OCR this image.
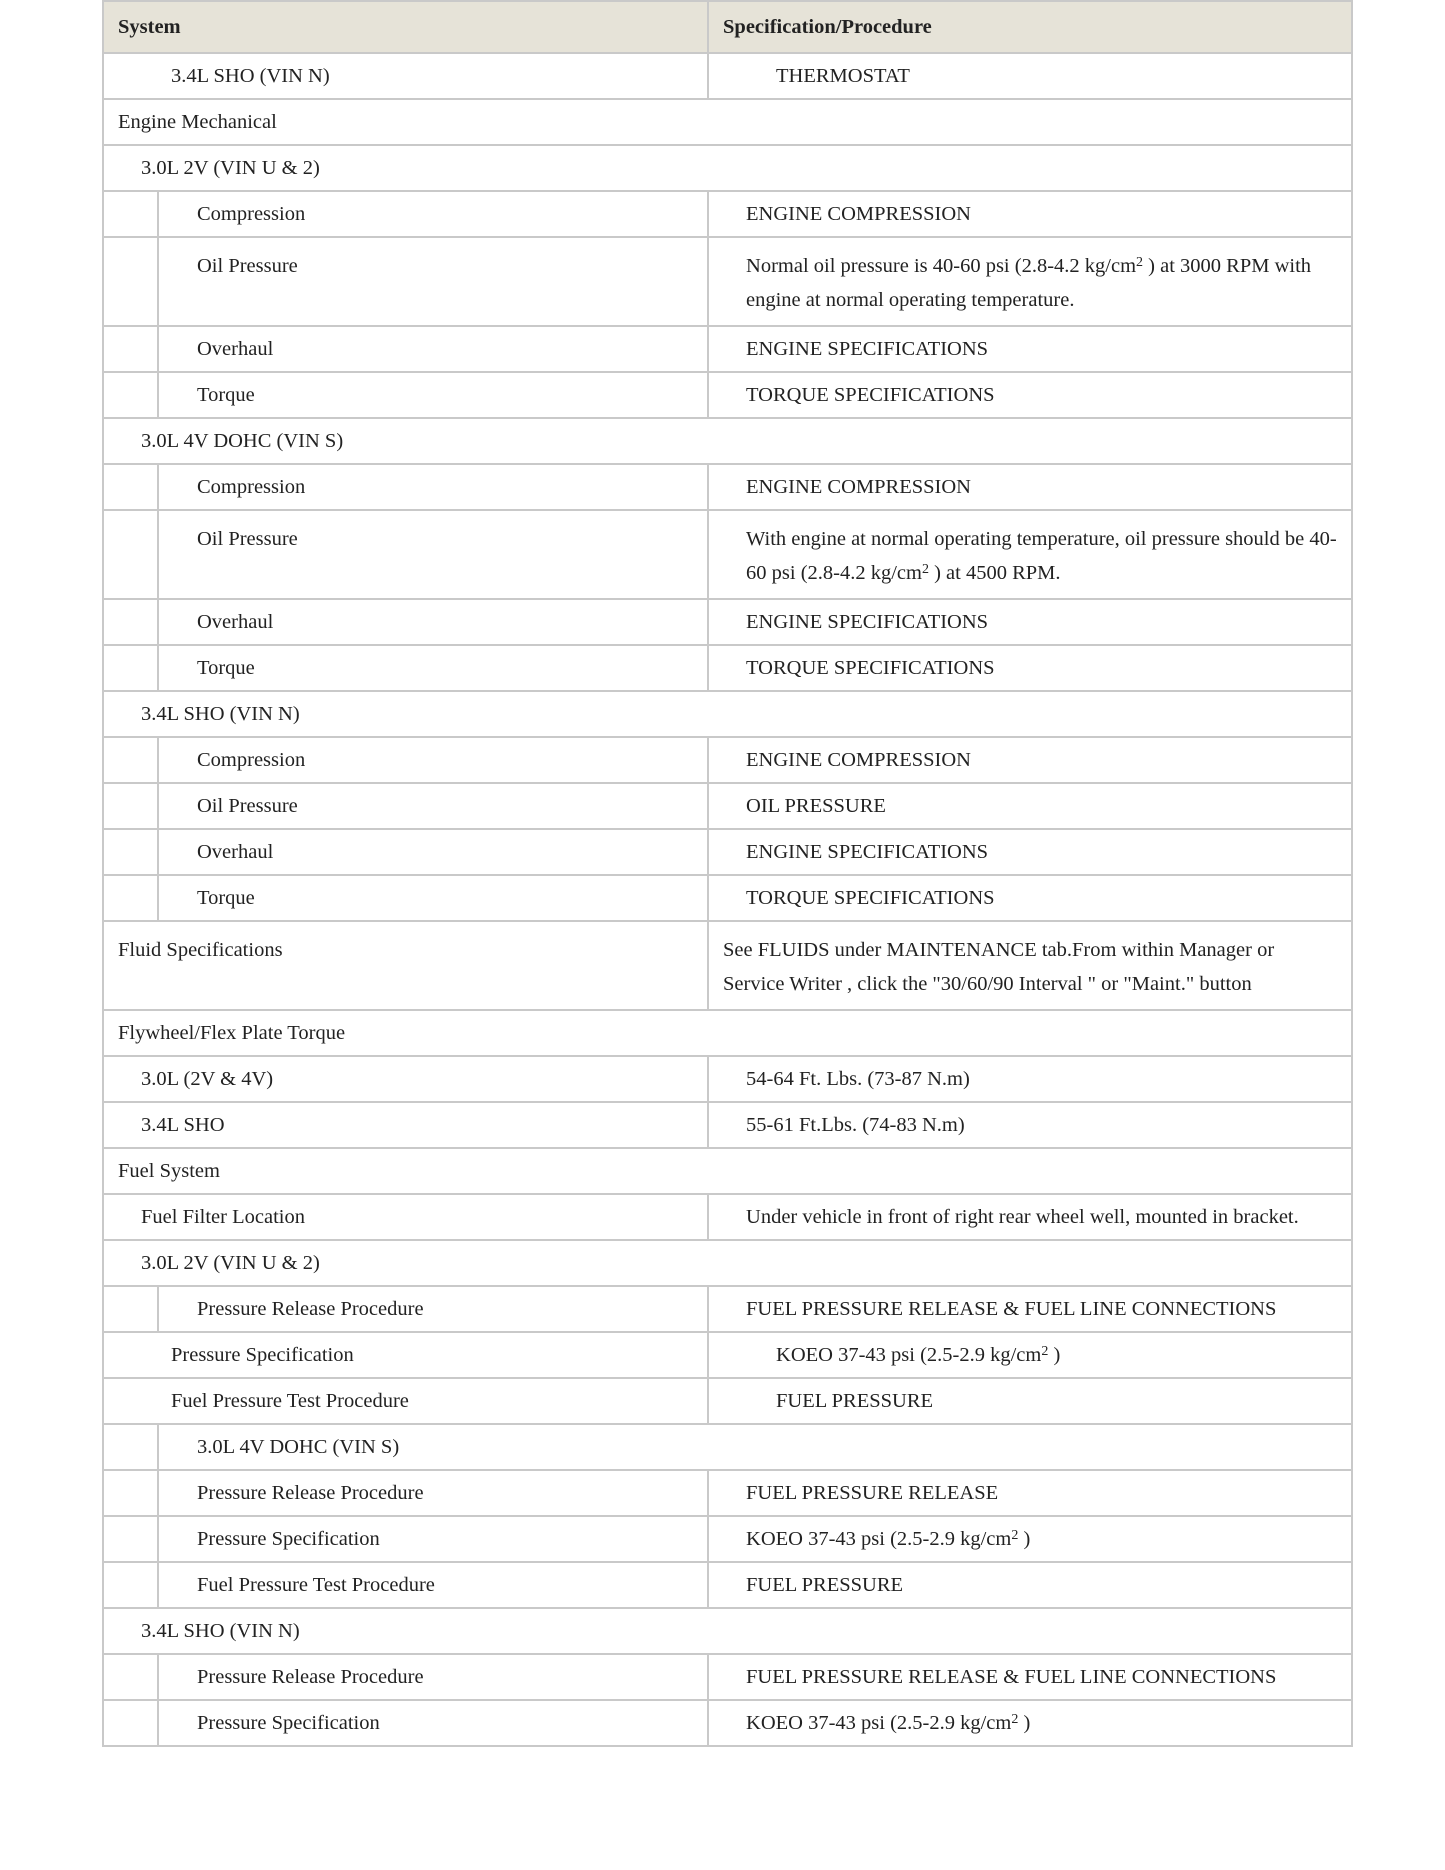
System		Specification/Procedure
3.4L SHO (VIN N)		THERMOSTAT
Engine Mechanical		
3.0L 2V (VIN U & 2)		
	Compression	ENGINE COMPRESSION
	Oil Pressure	Normal oil pressure is 40-60 psi (2.8-4.2 $kg/cm^2$ ) at 3000 RPM with engine at normal operating temperature.
	Overhaul	ENGINE SPECIFICATIONS
	Torque	TORQUE SPECIFICATIONS
3.0L 4V DOHC (VIN S)		
	Compression	ENGINE COMPRESSION
	Oil Pressure	With engine at normal operating temperature, oil pressure should be 40-60 psi (2.8-4.2 $kg/cm^2$ ) at 4500 RPM.
	Overhaul	ENGINE SPECIFICATIONS
	Torque	TORQUE SPECIFICATIONS
3.4L SHO (VIN N)		
	Compression	ENGINE COMPRESSION
	Oil Pressure	OIL PRESSURE
	Overhaul	ENGINE SPECIFICATIONS
	Torque	TORQUE SPECIFICATIONS
Fluid Specifications		See FLUIDS under MAINTENANCE tab.From within Manager or Service Writer , click the "30/60/90 Interval " or "Maint." button
Flywheel/Flex Plate Torque		
3.0L (2V & 4V)		54-64 Ft. Lbs. (73-87 N.m)
3.4L SHO		55-61 Ft.Lbs. (74-83 N.m)
Fuel System		
Fuel Filter Location		Under vehicle in front of right rear wheel well, mounted in bracket.
3.0L 2V (VIN U & 2)		
	Pressure Release Procedure	FUEL PRESSURE RELEASE & FUEL LINE CONNECTIONS
Pressure Specification		KOEO 37-43 psi (2.5-2.9 $kg/cm^2$ )
Fuel Pressure Test Procedure		FUEL PRESSURE
	3.0L 4V DOHC (VIN S)	
	Pressure Release Procedure	FUEL PRESSURE RELEASE
	Pressure Specification	KOEO 37-43 psi (2.5-2.9 $kg/cm^2$ )
	Fuel Pressure Test Procedure	FUEL PRESSURE
3.4L SHO (VIN N)		
	Pressure Release Procedure	FUEL PRESSURE RELEASE & FUEL LINE CONNECTIONS
	Pressure Specification	KOEO 37-43 psi (2.5-2.9 $kg/cm^2$ )
